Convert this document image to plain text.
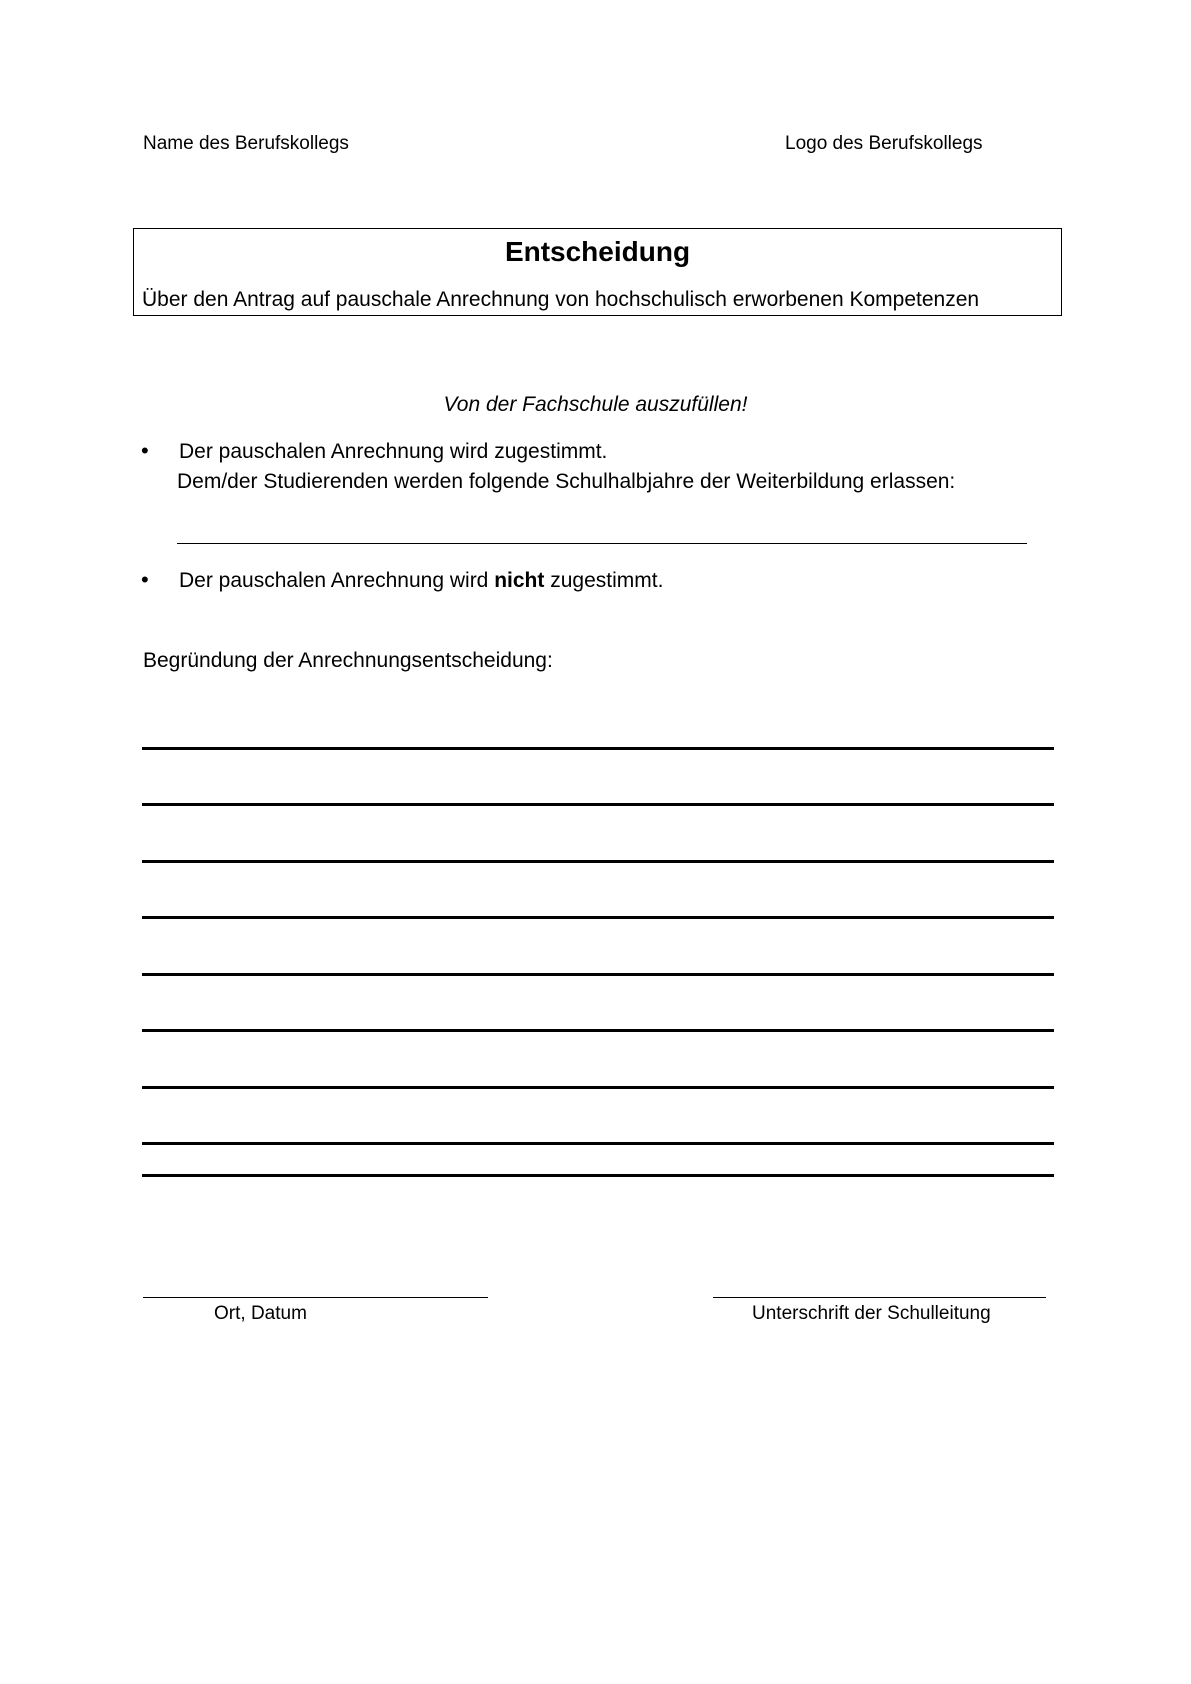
Name des Berufskollegs	Logo des Berufskollegs
Entscheidung
Über den Antrag auf pauschale Anrechnung von hochschulisch erworbenen Kompetenzen
Von der Fachschule auszufüllen!
• Der pauschalen Anrechnung wird zugestimmt.
Dem/der Studierenden werden folgende Schulhalbjahre der Weiterbildung erlassen:
• Der pauschalen Anrechnung wird nicht zugestimmt.
Begründung der Anrechnungsentscheidung:
Ort, Datum	Unterschrift der Schulleitung
